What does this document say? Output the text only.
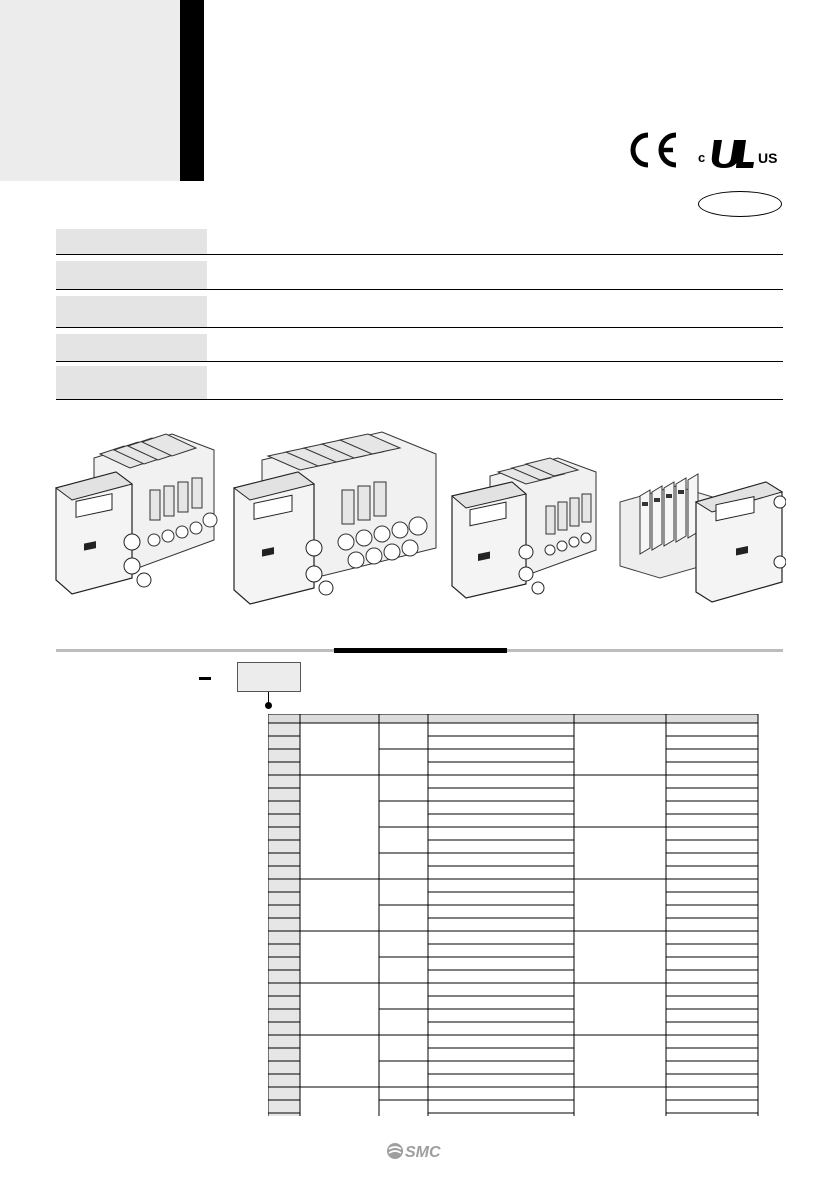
c	US
SMC
